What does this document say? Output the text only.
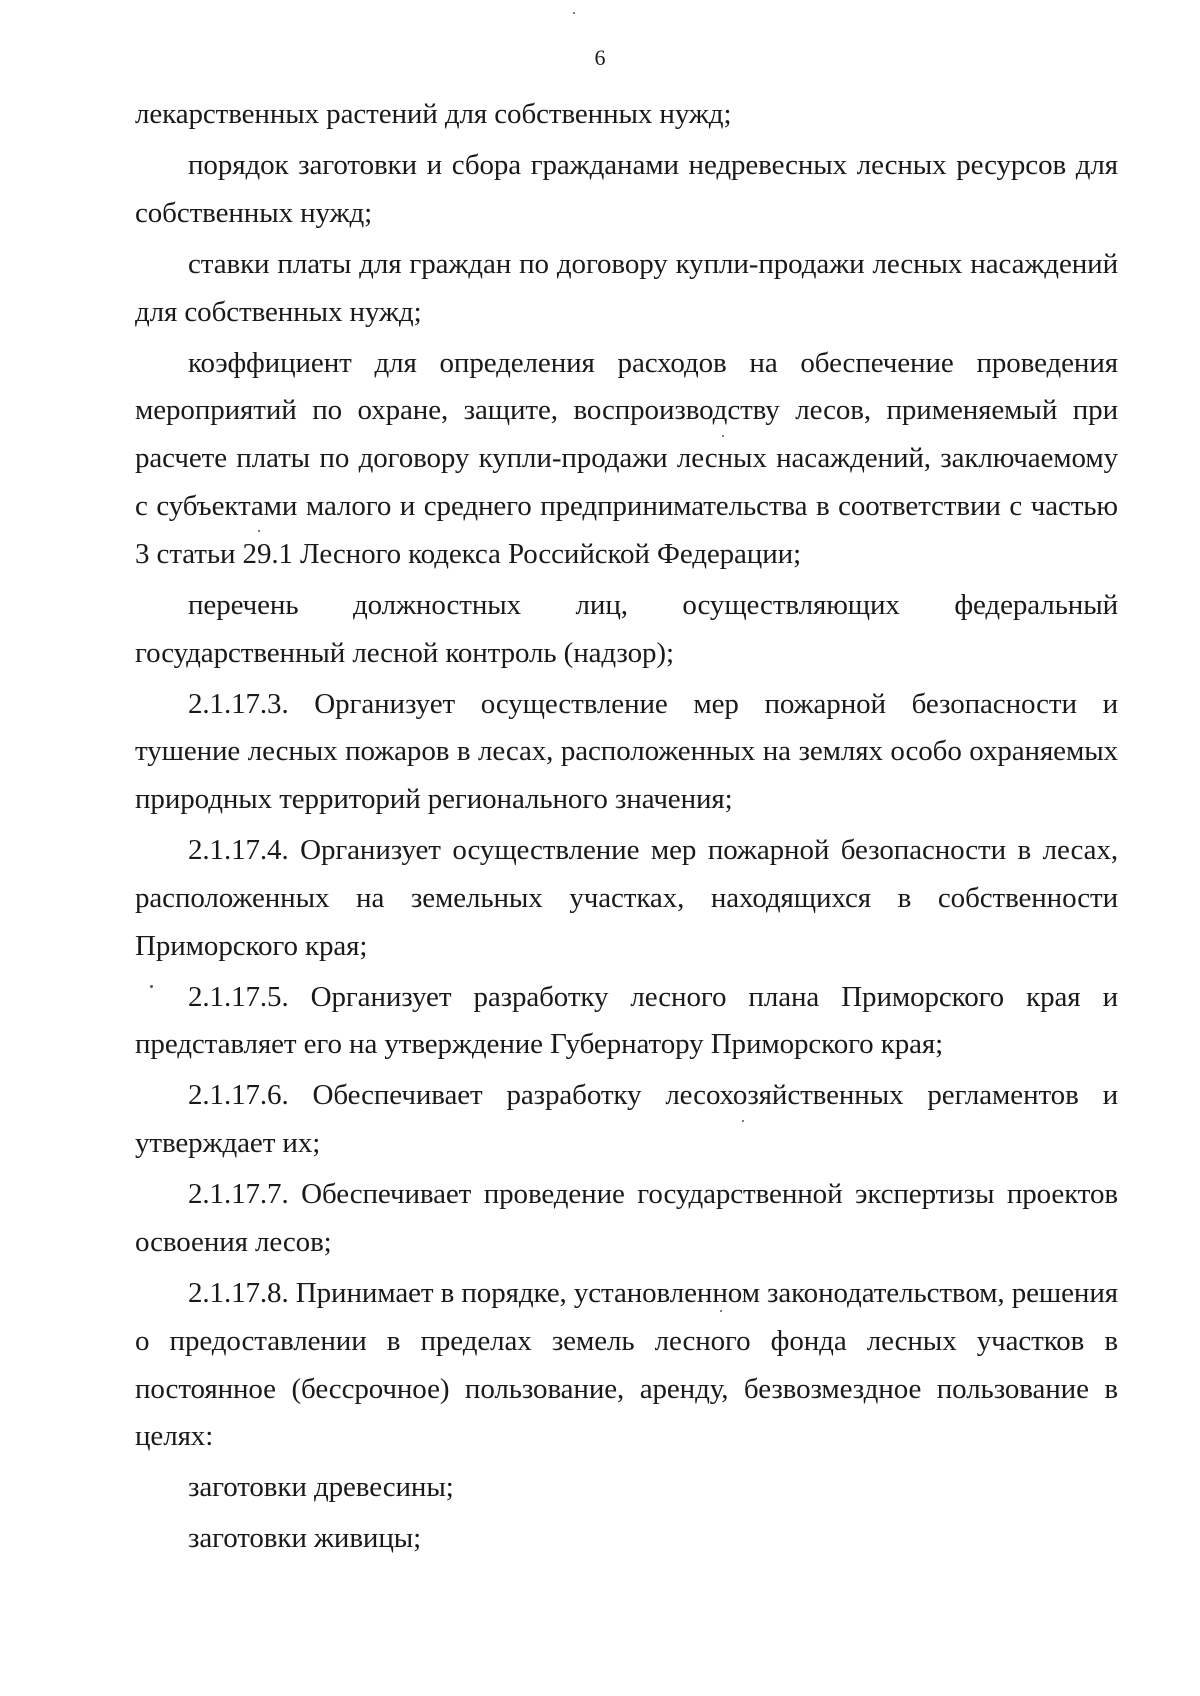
6

лекарственных растений для собственных нужд;

порядок заготовки и сбора гражданами недревесных лесных ресурсов для собственных нужд;

ставки платы для граждан по договору купли-продажи лесных насаждений для собственных нужд;

коэффициент для определения расходов на обеспечение проведения мероприятий по охране, защите, воспроизводству лесов, применяемый при расчете платы по договору купли-продажи лесных насаждений, заключаемому с субъектами малого и среднего предпринимательства в соответствии с частью 3 статьи 29.1 Лесного кодекса Российской Федерации;

перечень должностных лиц, осуществляющих федеральный государственный лесной контроль (надзор);

2.1.17.3. Организует осуществление мер пожарной безопасности и тушение лесных пожаров в лесах, расположенных на землях особо охраняемых природных территорий регионального значения;

2.1.17.4. Организует осуществление мер пожарной безопасности в лесах, расположенных на земельных участках, находящихся в собственности Приморского края;

2.1.17.5. Организует разработку лесного плана Приморского края и представляет его на утверждение Губернатору Приморского края;

2.1.17.6. Обеспечивает разработку лесохозяйственных регламентов и утверждает их;

2.1.17.7. Обеспечивает проведение государственной экспертизы проектов освоения лесов;

2.1.17.8. Принимает в порядке, установленном законодательством, решения о предоставлении в пределах земель лесного фонда лесных участков в постоянное (бессрочное) пользование, аренду, безвозмездное пользование в целях:

заготовки древесины;

заготовки живицы;
